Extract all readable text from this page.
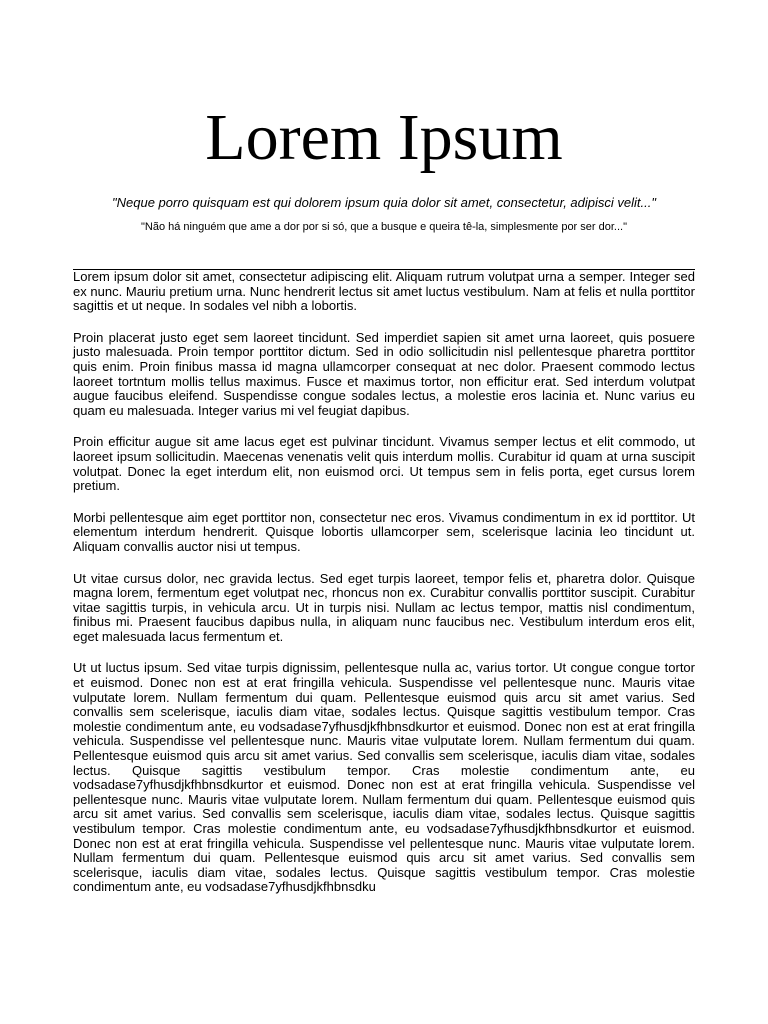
Lorem Ipsum

"Neque porro quisquam est qui dolorem ipsum quia dolor sit amet, consectetur, adipisci velit..."

"Não há ninguém que ame a dor por si só, que a busque e queira tê-la, simplesmente por ser dor..."

Lorem ipsum dolor sit amet, consectetur adipiscing elit. Aliquam rutrum volutpat urna a semper. Integer sed ex nunc. Mauriu pretium urna. Nunc hendrerit lectus sit amet luctus vestibulum. Nam at felis et nulla porttitor sagittis et ut neque. In sodales vel nibh a lobortis.

Proin placerat justo eget sem laoreet tincidunt. Sed imperdiet sapien sit amet urna laoreet, quis posuere justo malesuada. Proin tempor porttitor dictum. Sed in odio sollicitudin nisl pellentesque pharetra porttitor quis enim. Proin finibus massa id magna ullamcorper consequat at nec dolor. Praesent commodo lectus laoreet tortntum mollis tellus maximus. Fusce et maximus tortor, non efficitur erat. Sed interdum volutpat augue faucibus eleifend. Suspendisse congue sodales lectus, a molestie eros lacinia et. Nunc varius eu quam eu malesuada. Integer varius mi vel feugiat dapibus.

Proin efficitur augue sit ame lacus eget est pulvinar tincidunt. Vivamus semper lectus et elit commodo, ut laoreet ipsum sollicitudin. Maecenas venenatis velit quis interdum mollis. Curabitur id quam at urna suscipit volutpat. Donec la eget interdum elit, non euismod orci. Ut tempus sem in felis porta, eget cursus lorem pretium.

Morbi pellentesque aim eget porttitor non, consectetur nec eros. Vivamus condimentum in ex id porttitor. Ut elementum interdum hendrerit. Quisque lobortis ullamcorper sem, scelerisque lacinia leo tincidunt ut. Aliquam convallis auctor nisi ut tempus.

Ut vitae cursus dolor, nec gravida lectus. Sed eget turpis laoreet, tempor felis et, pharetra dolor. Quisque magna lorem, fermentum eget volutpat nec, rhoncus non ex. Curabitur convallis porttitor suscipit. Curabitur vitae sagittis turpis, in vehicula arcu. Ut in turpis nisi. Nullam ac lectus tempor, mattis nisl condimentum, finibus mi. Praesent faucibus dapibus nulla, in aliquam nunc faucibus nec. Vestibulum interdum eros elit, eget malesuada lacus fermentum et.

Ut ut luctus ipsum. Sed vitae turpis dignissim, pellentesque nulla ac, varius tortor. Ut congue congue tortor et euismod. Donec non est at erat fringilla vehicula. Suspendisse vel pellentesque nunc. Mauris vitae vulputate lorem. Nullam fermentum dui quam. Pellentesque euismod quis arcu sit amet varius. Sed convallis sem scelerisque, iaculis diam vitae, sodales lectus. Quisque sagittis vestibulum tempor. Cras molestie condimentum ante, eu vodsadase7yfhusdjkfhbnsdkurtor et euismod. Donec non est at erat fringilla vehicula. Suspendisse vel pellentesque nunc. Mauris vitae vulputate lorem. Nullam fermentum dui quam. Pellentesque euismod quis arcu sit amet varius. Sed convallis sem scelerisque, iaculis diam vitae, sodales lectus. Quisque sagittis vestibulum tempor. Cras molestie condimentum ante, eu vodsadase7yfhusdjkfhbnsdkurtor et euismod. Donec non est at erat fringilla vehicula. Suspendisse vel pellentesque nunc. Mauris vitae vulputate lorem. Nullam fermentum dui quam. Pellentesque euismod quis arcu sit amet varius. Sed convallis sem scelerisque, iaculis diam vitae, sodales lectus. Quisque sagittis vestibulum tempor. Cras molestie condimentum ante, eu vodsadase7yfhusdjkfhbnsdkurtor et euismod. Donec non est at erat fringilla vehicula. Suspendisse vel pellentesque nunc. Mauris vitae vulputate lorem. Nullam fermentum dui quam. Pellentesque euismod quis arcu sit amet varius. Sed convallis sem scelerisque, iaculis diam vitae, sodales lectus. Quisque sagittis vestibulum tempor. Cras molestie condimentum ante, eu vodsadase7yfhusdjkfhbnsdku
